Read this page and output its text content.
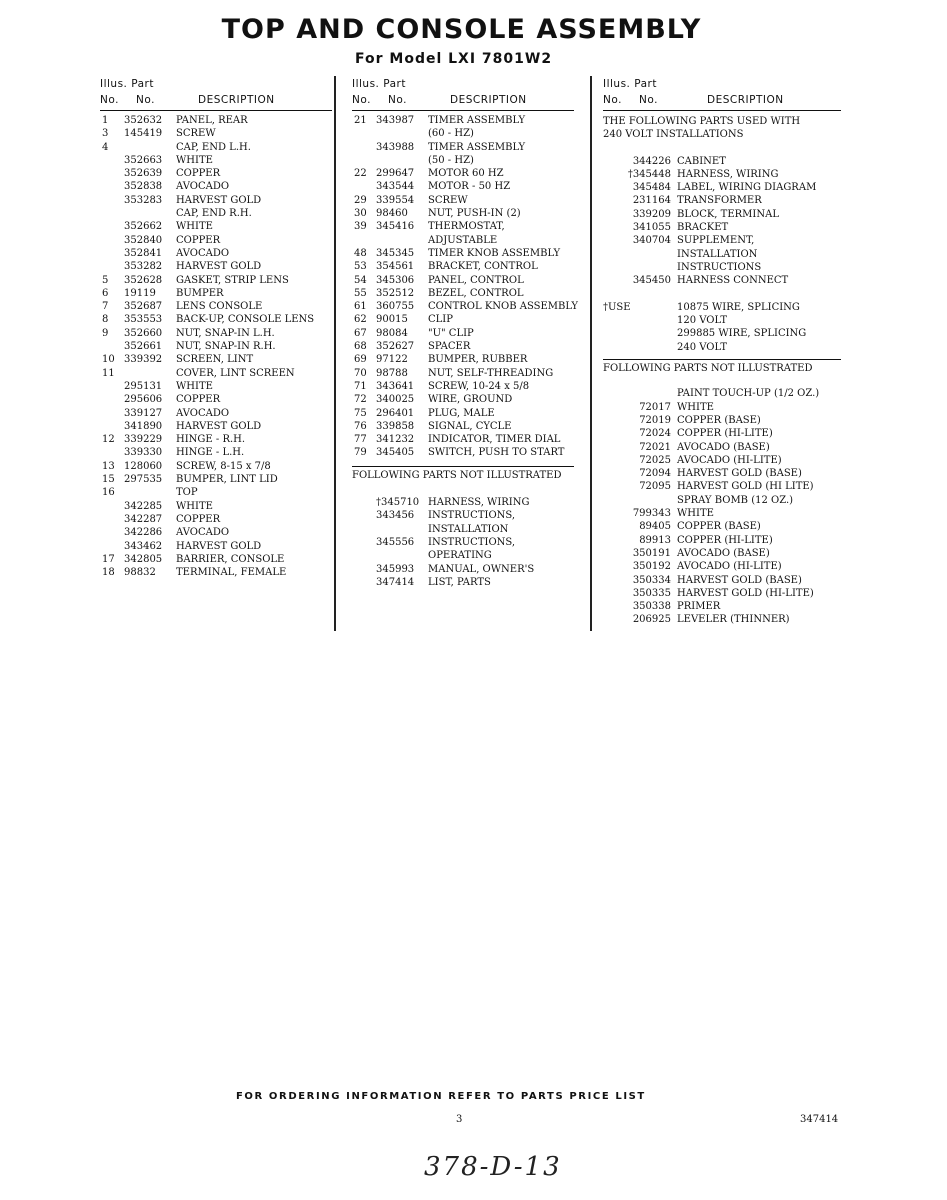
TOP AND CONSOLE ASSEMBLY
For Model LXI 7801W2
Illus. Part
No. No.	DESCRIPTION
1 352632 PANEL, REAR
3 145419 SCREW
4	CAP, END L.H.
352663 WHITE
352639 COPPER
352838 AVOCADO
353283 HARVEST GOLD
CAP, END R.H.
352662 WHITE
352840 COPPER
352841 AVOCADO
353282 HARVEST GOLD
5 352628 GASKET, STRIP LENS
6 19119 BUMPER
7 352687 LENS CONSOLE
8 353553 BACK-UP, CONSOLE LENS
9 352660 NUT, SNAP-IN L.H.
352661 NUT, SNAP-IN R.H.
10 339392 SCREEN, LINT
11	COVER, LINT SCREEN
295131 WHITE
295606 COPPER
339127 AVOCADO
341890 HARVEST GOLD
12 339229 HINGE - R.H.
339330 HINGE - L.H.
13 128060 SCREW, 8-15 x 7/8
15 297535 BUMPER, LINT LID
16	TOP
342285 WHITE
342287 COPPER
342286 AVOCADO
343462 HARVEST GOLD
17 342805 BARRIER, CONSOLE
18 98832 TERMINAL, FEMALE
Illus. Part
No. No.	DESCRIPTION
21 343987 TIMER ASSEMBLY
(60 - HZ)
343988 TIMER ASSEMBLY
(50 - HZ)
22 299647 MOTOR 60 HZ
343544 MOTOR - 50 HZ
29 339554 SCREW
30 98460 NUT, PUSH-IN (2)
39 345416 THERMOSTAT,
ADJUSTABLE
48 345345 TIMER KNOB ASSEMBLY
53 354561 BRACKET, CONTROL
54 345306 PANEL, CONTROL
55 352512 BEZEL, CONTROL
61 360755 CONTROL KNOB ASSEMBLY
62 90015 CLIP
67 98084 "U" CLIP
68 352627 SPACER
69 97122 BUMPER, RUBBER
70 98788 NUT, SELF-THREADING
71 343641 SCREW, 10-24 x 5/8
72 340025 WIRE, GROUND
75 296401 PLUG, MALE
76 339858 SIGNAL, CYCLE
77 341232 INDICATOR, TIMER DIAL
79 345405 SWITCH, PUSH TO START
FOLLOWING PARTS NOT ILLUSTRATED
†345710 HARNESS, WIRING
343456 INSTRUCTIONS,
INSTALLATION
345556 INSTRUCTIONS,
OPERATING
345993 MANUAL, OWNER'S
347414 LIST, PARTS
Illus. Part
No. No.	DESCRIPTION
THE FOLLOWING PARTS USED WITH
240 VOLT INSTALLATIONS
344226 CABINET
†345448 HARNESS, WIRING
345484 LABEL, WIRING DIAGRAM
231164 TRANSFORMER
339209 BLOCK, TERMINAL
341055 BRACKET
340704 SUPPLEMENT,
INSTALLATION
INSTRUCTIONS
345450 HARNESS CONNECT
†USE	10875 WIRE, SPLICING
120 VOLT
299885 WIRE, SPLICING
240 VOLT
FOLLOWING PARTS NOT ILLUSTRATED
PAINT TOUCH-UP (1/2 OZ.)
72017 WHITE
72019 COPPER (BASE)
72024 COPPER (HI-LITE)
72021 AVOCADO (BASE)
72025 AVOCADO (HI-LITE)
72094 HARVEST GOLD (BASE)
72095 HARVEST GOLD (HI LITE)
SPRAY BOMB (12 OZ.)
799343 WHITE
89405 COPPER (BASE)
89913 COPPER (HI-LITE)
350191 AVOCADO (BASE)
350192 AVOCADO (HI-LITE)
350334 HARVEST GOLD (BASE)
350335 HARVEST GOLD (HI-LITE)
350338 PRIMER
206925 LEVELER (THINNER)
FOR ORDERING INFORMATION REFER TO PARTS PRICE LIST
3	347414
378-D-13
